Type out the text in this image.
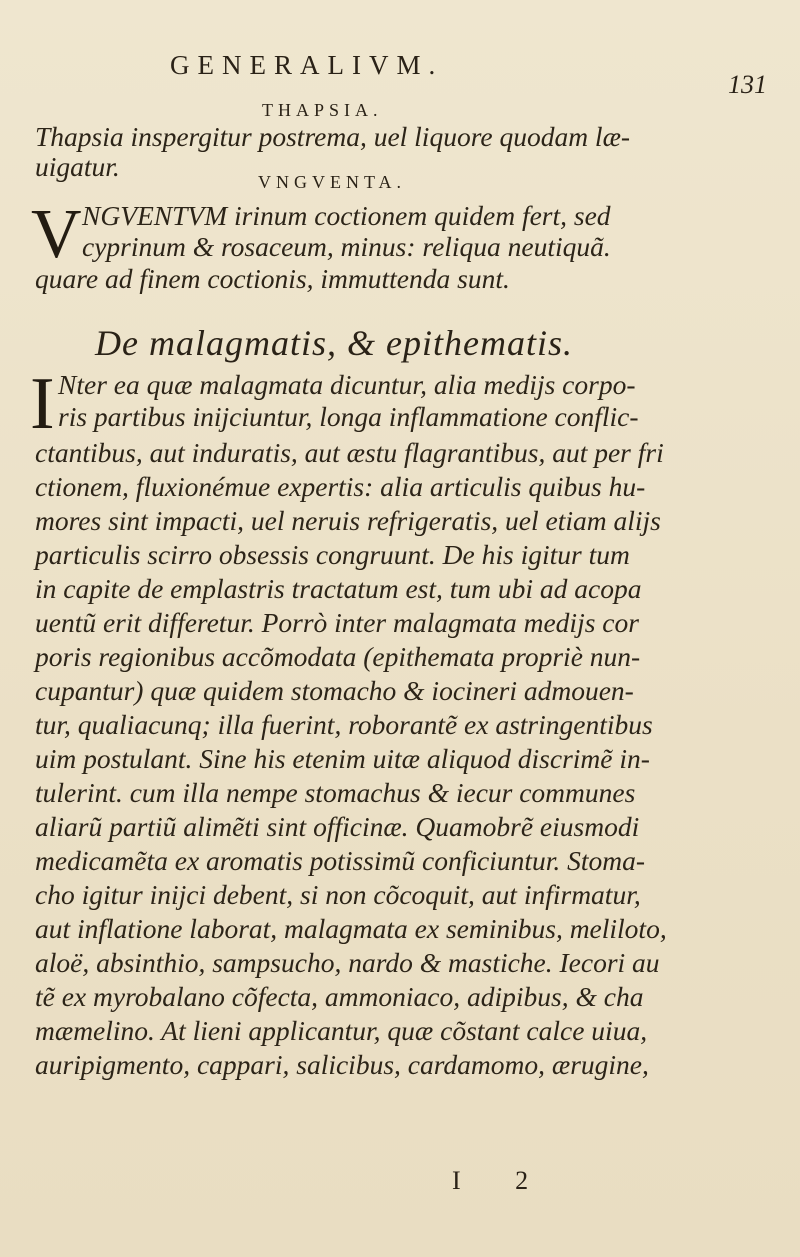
GENERALIVM.
131
THAPSIA.
Thapsia inspergitur postrema, uel liquore quodam læ-
uigatur.	VNGVENTA.
V NGVENTVM irinum coctionem quidem fert, sed
cyprinum & rosaceum, minus: reliqua neutiquã.
quare ad finem coctionis, immuttenda sunt.
De malagmatis, & epithematis.
I Nter ea quæ malagmata dicuntur, alia medijs corpo-
ris partibus inijciuntur, longa inflammatione conflic-
ctantibus, aut induratis, aut æstu flagrantibus, aut per fri
ctionem, fluxionémue expertis: alia articulis quibus hu-
mores sint impacti, uel neruis refrigeratis, uel etiam alijs
particulis scirro obsessis congruunt. De his igitur tum
in capite de emplastris tractatum est, tum ubi ad acopa
uentũ erit differetur. Porrò inter malagmata medijs cor
poris regionibus accõmodata (epithemata propriè nun-
cupantur) quæ quidem stomacho & iocineri admouen-
tur, qualiacunq; illa fuerint, roborantẽ ex astringentibus
uim postulant. Sine his etenim uitæ aliquod discrimẽ in-
tulerint. cum illa nempe stomachus & iecur communes
aliarũ partiũ alimẽti sint officinæ. Quamobrẽ eiusmodi
medicamẽta ex aromatis potissimũ conficiuntur. Stoma-
cho igitur inijci debent, si non cõcoquit, aut infirmatur,
aut inflatione laborat, malagmata ex seminibus, meliloto,
aloë, absinthio, sampsucho, nardo & mastiche. Iecori au
tẽ ex myrobalano cõfecta, ammoniaco, adipibus, & cha
mæmelino. At lieni applicantur, quæ cõstant calce uiua,
auripigmento, cappari, salicibus, cardamomo, ærugine,
I 2
